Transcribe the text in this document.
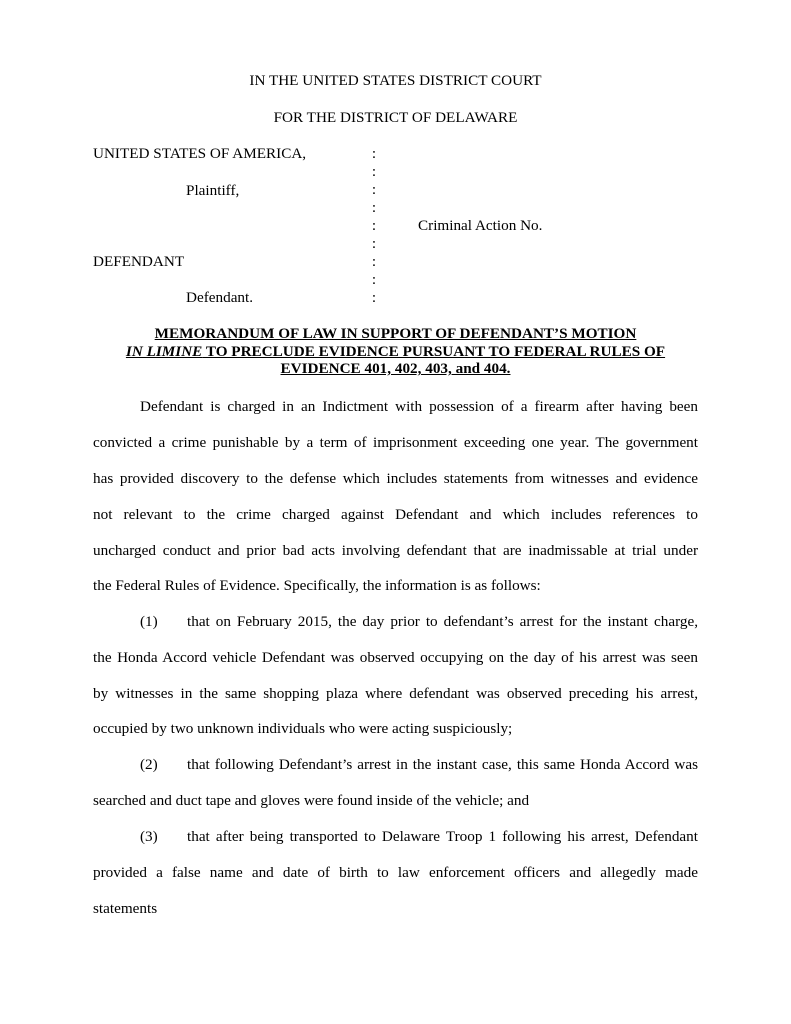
IN THE UNITED STATES DISTRICT COURT
FOR THE DISTRICT OF DELAWARE
UNITED STATES OF AMERICA,
Plaintiff,
Criminal Action No.
DEFENDANT
Defendant.
:
:
:
:
:
:
:
:
:
MEMORANDUM OF LAW IN SUPPORT OF DEFENDANT’S MOTION
IN LIMINE TO PRECLUDE EVIDENCE PURSUANT TO FEDERAL RULES OF
EVIDENCE 401, 402, 403, and 404.
Defendant is charged in an Indictment with possession of a firearm after having been
convicted a crime punishable by a term of imprisonment exceeding one year. The government
has provided discovery to the defense which includes statements from witnesses and evidence
not relevant to the crime charged against Defendant and which includes references to
uncharged conduct and prior bad acts involving defendant that are inadmissable at trial under
the Federal Rules of Evidence. Specifically, the information is as follows:
(1) that on February 2015, the day prior to defendant’s arrest for the instant charge,
the Honda Accord vehicle Defendant was observed occupying on the day of his arrest was seen
by witnesses in the same shopping plaza where defendant was observed preceding his arrest,
occupied by two unknown individuals who were acting suspiciously;
(2) that following Defendant’s arrest in the instant case, this same Honda Accord was
searched and duct tape and gloves were found inside of the vehicle; and
(3) that after being transported to Delaware Troop 1 following his arrest, Defendant
provided a false name and date of birth to law enforcement officers and allegedly made
statements
